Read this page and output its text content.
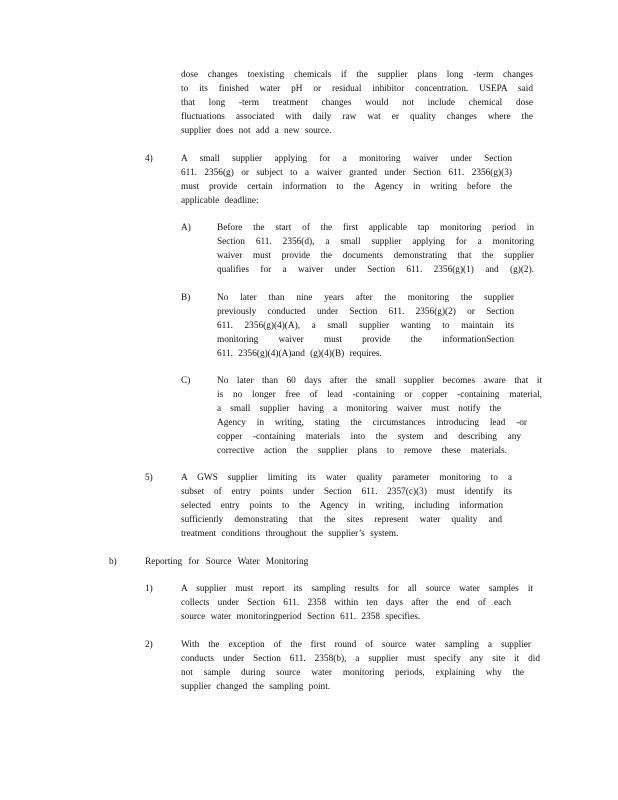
dose changes toexisting chemicals if the supplier plans long -term changes
to its finished water pH or residual inhibitor concentration. USEPA said
that long -term treatment changes would not include chemical dose
fluctuations associated with daily raw wat er quality changes where the
supplier does not add a new source.
4)	A small supplier applying for a monitoring waiver under Section
611. 2356(g) or subject to a waiver granted under Section 611. 2356(g)(3)
must provide certain information to the Agency in writing before the
applicable deadline:
A)	Before the start of the first applicable tap monitoring period in
Section 611. 2356(d), a small supplier applying for a monitoring
waiver must provide the documents demonstrating that the supplier
qualifies for a waiver under Section 611. 2356(g)(1) and (g)(2).
B)	No later than nine years after the monitoring the supplier
previously conducted under Section 611. 2356(g)(2) or Section
611. 2356(g)(4)(A), a small supplier wanting to maintain its
monitoring waiver must provide the informationSection
611. 2356(g)(4)(A)and (g)(4)(B) requires.
C)	No later than 60 days after the small supplier becomes aware that it
is no longer free of lead -containing or copper -containing material,
a small supplier having a monitoring waiver must notify the
Agency in writing, stating the circumstances introducing lead -or
copper -containing materials into the system and describing any
corrective action the supplier plans to remove these materials.
5)	A GWS supplier limiting its water quality parameter monitoring to a
subset of entry points under Section 611. 2357(c)(3) must identify its
selected entry points to the Agency in writing, including information
sufficiently demonstrating that the sites represent water quality and
treatment conditions throughout the supplier’s system.
b)	Reporting for Source Water Monitoring
1)	A supplier must report its sampling results for all source water samples it
collects under Section 611. 2358 within ten days after the end of each
source water monitoringperiod Section 611. 2358 specifies.
2)	With the exception of the first round of source water sampling a supplier
conducts under Section 611. 2358(b), a supplier must specify any site it did
not sample during source water monitoring periods, explaining why the
supplier changed the sampling point.
